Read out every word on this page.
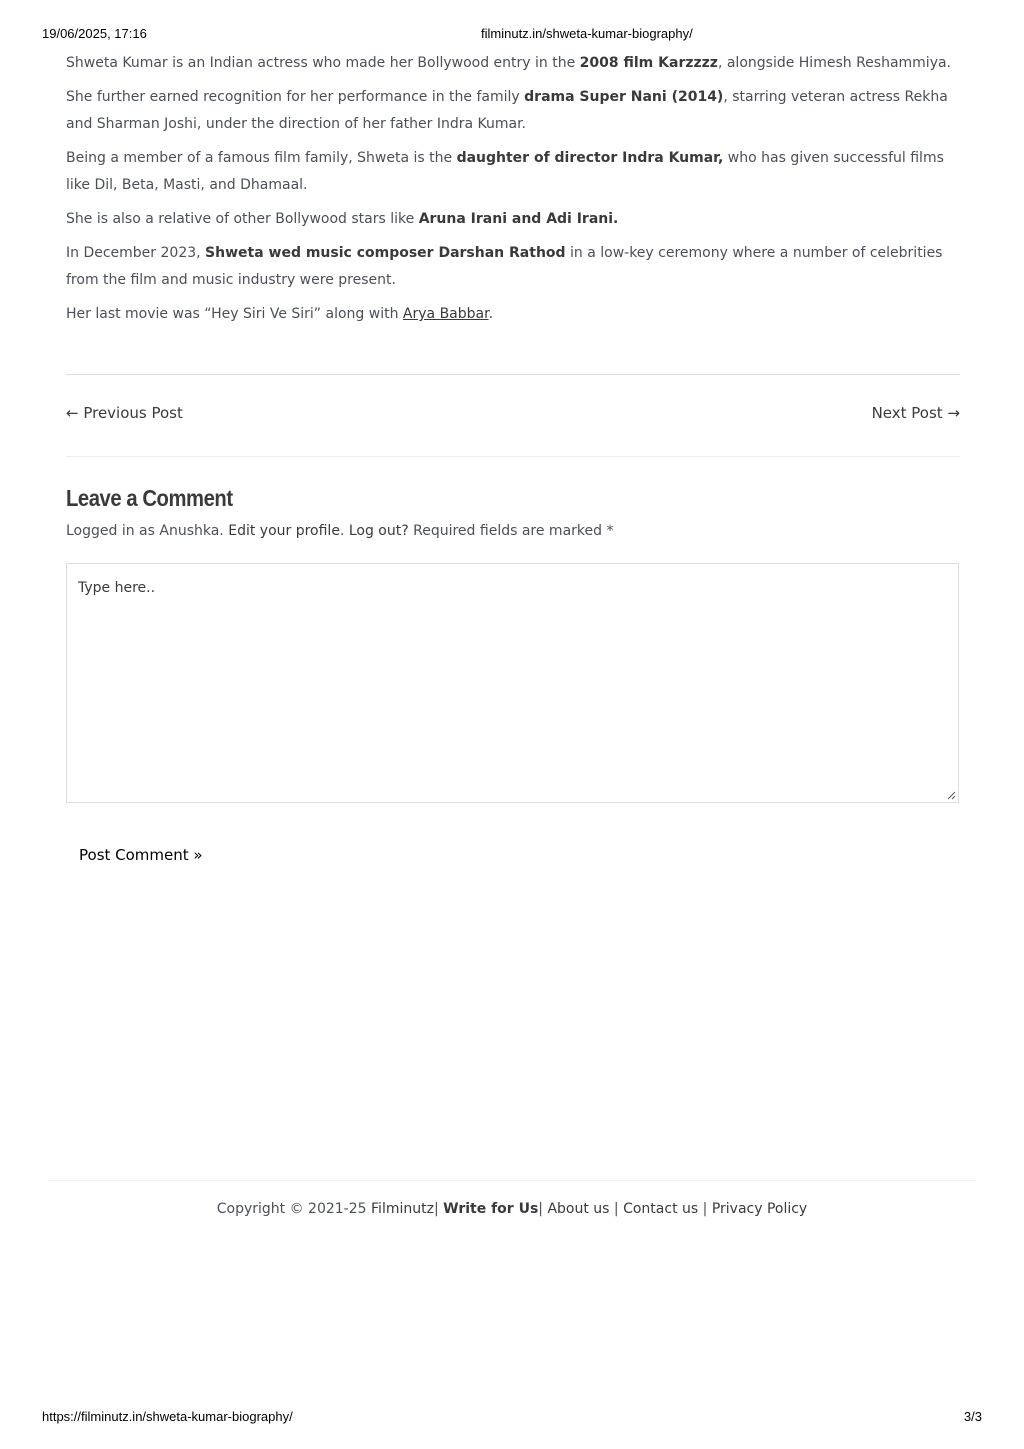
19/06/2025, 17:16	filminutz.in/shweta-kumar-biography/

Shweta Kumar is an Indian actress who made her Bollywood entry in the 2008 film Karzzzz, alongside Himesh Reshammiya.

She further earned recognition for her performance in the family drama Super Nani (2014), starring veteran actress Rekha and Sharman Joshi, under the direction of her father Indra Kumar.

Being a member of a famous film family, Shweta is the daughter of director Indra Kumar, who has given successful films like Dil, Beta, Masti, and Dhamaal.

She is also a relative of other Bollywood stars like Aruna Irani and Adi Irani.

In December 2023, Shweta wed music composer Darshan Rathod in a low-key ceremony where a number of celebrities from the film and music industry were present.

Her last movie was “Hey Siri Ve Siri” along with Arya Babbar.

← Previous Post	Next Post →
Leave a Comment
Logged in as Anushka. Edit your profile. Log out? Required fields are marked *
Type here..
Post Comment »
Copyright © 2021-25 Filminutz| Write for Us| About us | Contact us | Privacy Policy
https://filminutz.in/shweta-kumar-biography/	3/3
